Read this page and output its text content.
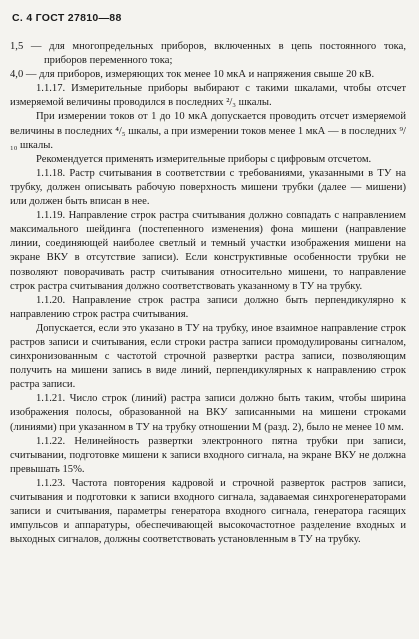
С. 4 ГОСТ 27810—88

1,5 — для многопредельных приборов, включенных в цепь постоянного тока, приборов переменного тока;

4,0 — для приборов, измеряющих ток менее 10 мкА и напряжения свыше 20 кВ.

1.1.17. Измерительные приборы выбирают с такими шкалами, чтобы отсчет измеряемой величины проводился в последних ²/₃ шкалы.

При измерении токов от 1 до 10 мкА допускается проводить отсчет измеряемой величины в последних ⁴/₅ шкалы, а при измерении токов менее 1 мкА — в последних ⁹/₁₀ шкалы.

Рекомендуется применять измерительные приборы с цифровым отсчетом.

1.1.18. Растр считывания в соответствии с требованиями, указанными в ТУ на трубку, должен описывать рабочую поверхность мишени трубки (далее — мишени) или должен быть вписан в нее.

1.1.19. Направление строк растра считывания должно совпадать с направлением максимального шейдинга (постепенного изменения) фона мишени (направление линии, соединяющей наиболее светлый и темный участки изображения мишени на экране ВКУ в отсутствие записи). Если конструктивные особенности трубки не позволяют поворачивать растр считывания относительно мишени, то направление строк растра считывания должно соответствовать указанному в ТУ на трубку.

1.1.20. Направление строк растра записи должно быть перпендикулярно к направлению строк растра считывания.

Допускается, если это указано в ТУ на трубку, иное взаимное направление строк растров записи и считывания, если строки растра записи промодулированы сигналом, синхронизованным с частотой строчной развертки растра записи, позволяющим получить на мишени запись в виде линий, перпендикулярных к направлению строк растра записи.

1.1.21. Число строк (линий) растра записи должно быть таким, чтобы ширина изображения полосы, образованной на ВКУ записанными на мишени строками (линиями) при указанном в ТУ на трубку отношении М (разд. 2), было не менее 10 мм.

1.1.22. Нелинейность развертки электронного пятна трубки при записи, считывании, подготовке мишени к записи входного сигнала, на экране ВКУ не должна превышать 15%.

1.1.23. Частота повторения кадровой и строчной разверток растров записи, считывания и подготовки к записи входного сигнала, задаваемая синхрогенераторами записи и считывания, параметры генератора входного сигнала, генератора гасящих импульсов и аппаратуры, обеспечивающей высокочастотное разделение входных и выходных сигналов, должны соответствовать установленным в ТУ на трубку.
